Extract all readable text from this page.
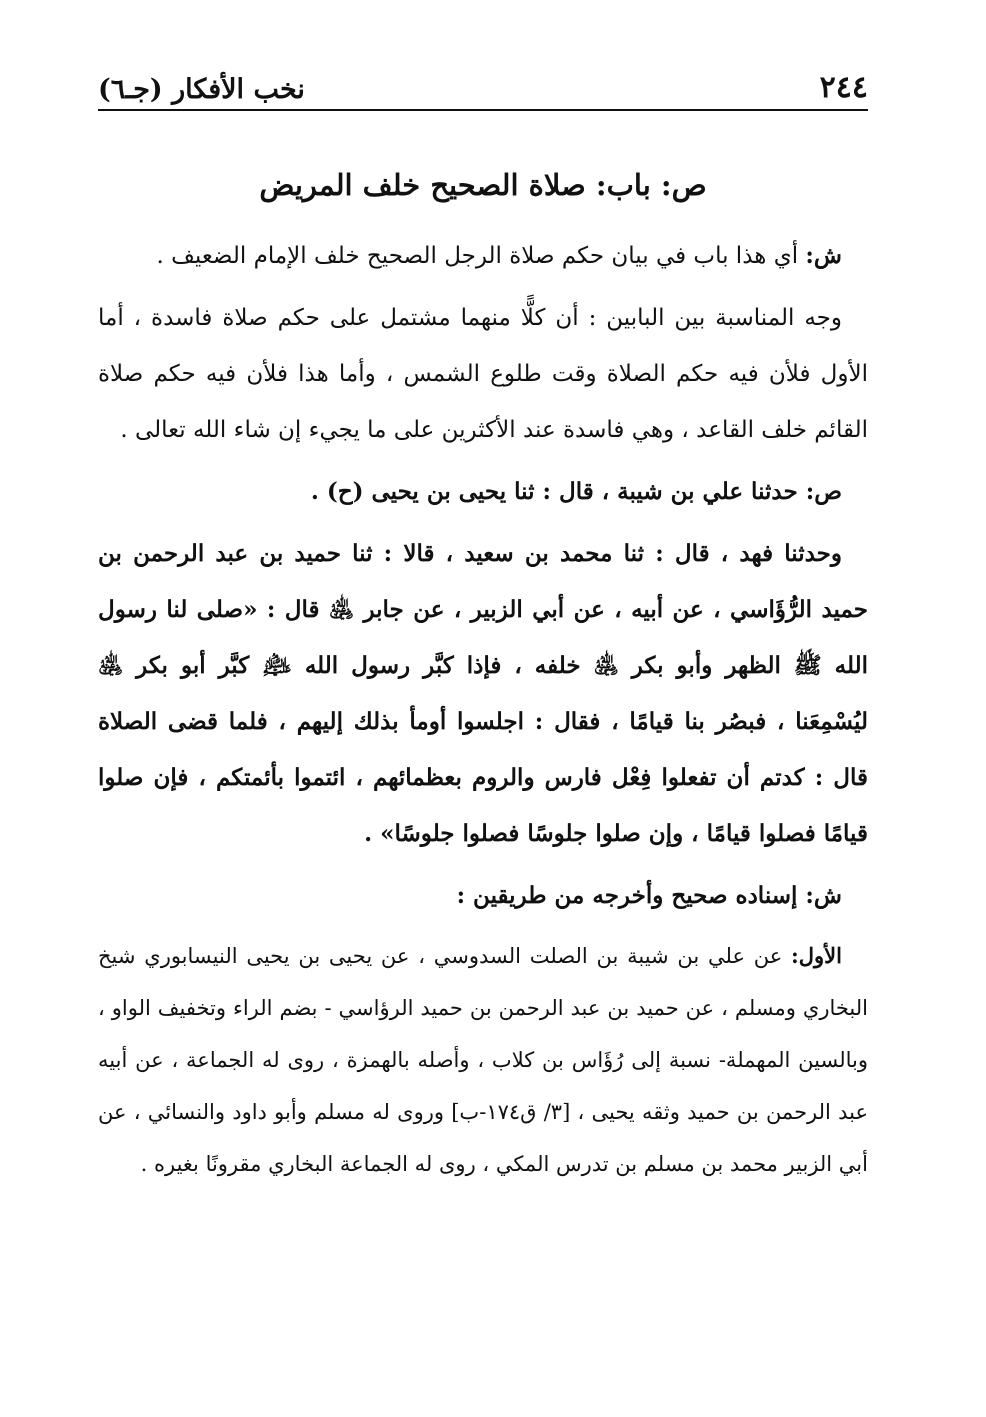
٢٤٤
نخب الأفكار (جـ٦)
ص: باب: صلاة الصحيح خلف المريض

ش: أي هذا باب في بيان حكم صلاة الرجل الصحيح خلف الإمام الضعيف .

وجه المناسبة بين البابين : أن كلًّا منهما مشتمل على حكم صلاة فاسدة ، أما الأول فلأن فيه حكم الصلاة وقت طلوع الشمس ، وأما هذا فلأن فيه حكم صلاة القائم خلف القاعد ، وهي فاسدة عند الأكثرين على ما يجيء إن شاء الله تعالى .

ص: حدثنا علي بن شيبة ، قال : ثنا يحيى بن يحيى (ح) .

وحدثنا فهد ، قال : ثنا محمد بن سعيد ، قالا : ثنا حميد بن عبد الرحمن بن حميد الرُّؤَاسي ، عن أبيه ، عن أبي الزبير ، عن جابر ﵁ قال : «صلى لنا رسول الله ﷺ الظهر وأبو بكر ﵁ خلفه ، فإذا كبَّر رسول الله ﵇ كبَّر أبو بكر ﵁ ليُسْمِعَنا ، فبصُر بنا قيامًا ، فقال : اجلسوا أومأ بذلك إليهم ، فلما قضى الصلاة قال : كدتم أن تفعلوا فِعْل فارس والروم بعظمائهم ، ائتموا بأئمتكم ، فإن صلوا قيامًا فصلوا قيامًا ، وإن صلوا جلوسًا فصلوا جلوسًا» .

ش: إسناده صحيح وأخرجه من طريقين :

الأول: عن علي بن شيبة بن الصلت السدوسي ، عن يحيى بن يحيى النيسابوري شيخ البخاري ومسلم ، عن حميد بن عبد الرحمن بن حميد الرؤاسي - بضم الراء وتخفيف الواو ، وبالسين المهملة- نسبة إلى رُؤَاس بن كلاب ، وأصله بالهمزة ، روى له الجماعة ، عن أبيه عبد الرحمن بن حميد وثقه يحيى ، [٣/ ق١٧٤-ب] وروى له مسلم وأبو داود والنسائي ، عن أبي الزبير محمد بن مسلم بن تدرس المكي ، روى له الجماعة البخاري مقرونًا بغيره .
